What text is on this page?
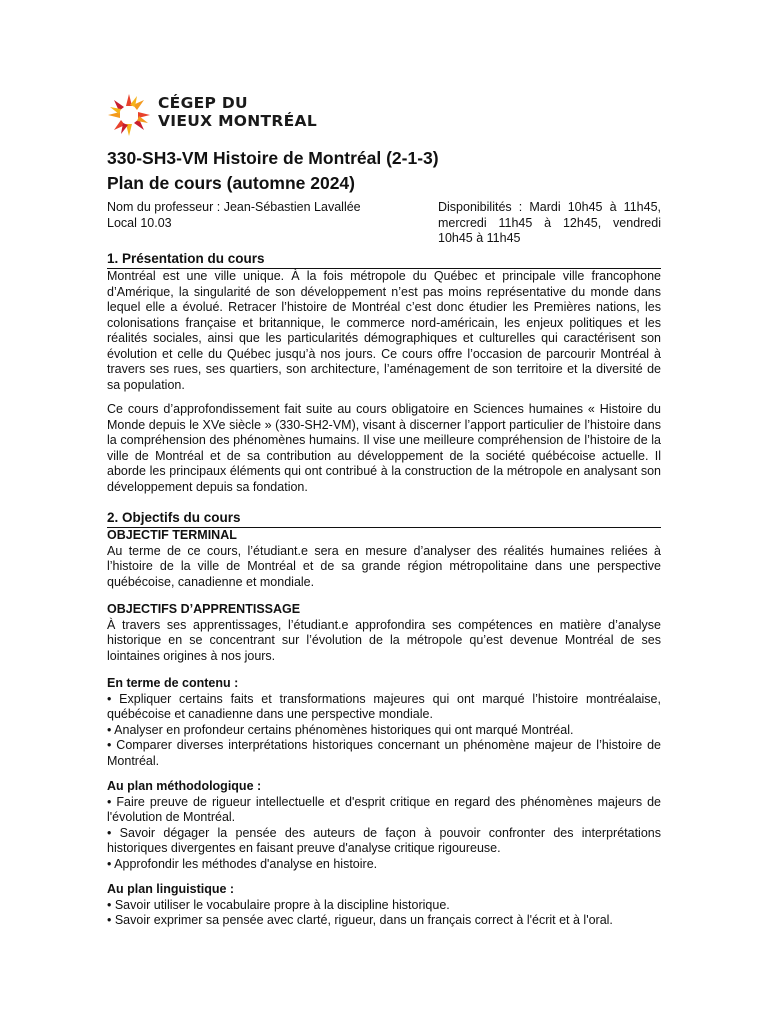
CÉGEP DU
VIEUX MONTRÉAL
330-SH3-VM Histoire de Montréal (2-1-3)
Plan de cours (automne 2024)
Nom du professeur : Jean-Sébastien Lavallée
Local 10.03
Disponibilités : Mardi 10h45 à 11h45, mercredi 11h45 à 12h45, vendredi 10h45 à 11h45
1. Présentation du cours

Montréal est une ville unique. À la fois métropole du Québec et principale ville francophone d’Amérique, la singularité de son développement n’est pas moins représentative du monde dans lequel elle a évolué. Retracer l’histoire de Montréal c’est donc étudier les Premières nations, les colonisations française et britannique, le commerce nord-américain, les enjeux politiques et les réalités sociales, ainsi que les particularités démographiques et culturelles qui caractérisent son évolution et celle du Québec jusqu’à nos jours. Ce cours offre l’occasion de parcourir Montréal à travers ses rues, ses quartiers, son architecture, l’aménagement de son territoire et la diversité de sa population.

Ce cours d’approfondissement fait suite au cours obligatoire en Sciences humaines « Histoire du Monde depuis le XVe siècle » (330-SH2-VM), visant à discerner l’apport particulier de l’histoire dans la compréhension des phénomènes humains. Il vise une meilleure compréhension de l’histoire de la ville de Montréal et de sa contribution au développement de la société québécoise actuelle. Il aborde les principaux éléments qui ont contribué à la construction de la métropole en analysant son développement depuis sa fondation.

2. Objectifs du cours
OBJECTIF TERMINAL

Au terme de ce cours, l’étudiant.e sera en mesure d’analyser des réalités humaines reliées à l’histoire de la ville de Montréal et de sa grande région métropolitaine dans une perspective québécoise, canadienne et mondiale.

OBJECTIFS D’APPRENTISSAGE

À travers ses apprentissages, l’étudiant.e approfondira ses compétences en matière d’analyse historique en se concentrant sur l’évolution de la métropole qu’est devenue Montréal de ses lointaines origines à nos jours.

En terme de contenu :
• Expliquer certains faits et transformations majeures qui ont marqué l’histoire montréalaise, québécoise et canadienne dans une perspective mondiale.
• Analyser en profondeur certains phénomènes historiques qui ont marqué Montréal.
• Comparer diverses interprétations historiques concernant un phénomène majeur de l’histoire de Montréal.
Au plan méthodologique :
• Faire preuve de rigueur intellectuelle et d'esprit critique en regard des phénomènes majeurs de l'évolution de Montréal.
• Savoir dégager la pensée des auteurs de façon à pouvoir confronter des interprétations historiques divergentes en faisant preuve d'analyse critique rigoureuse.
• Approfondir les méthodes d'analyse en histoire.
Au plan linguistique :
• Savoir utiliser le vocabulaire propre à la discipline historique.
• Savoir exprimer sa pensée avec clarté, rigueur, dans un français correct à l'écrit et à l'oral.
